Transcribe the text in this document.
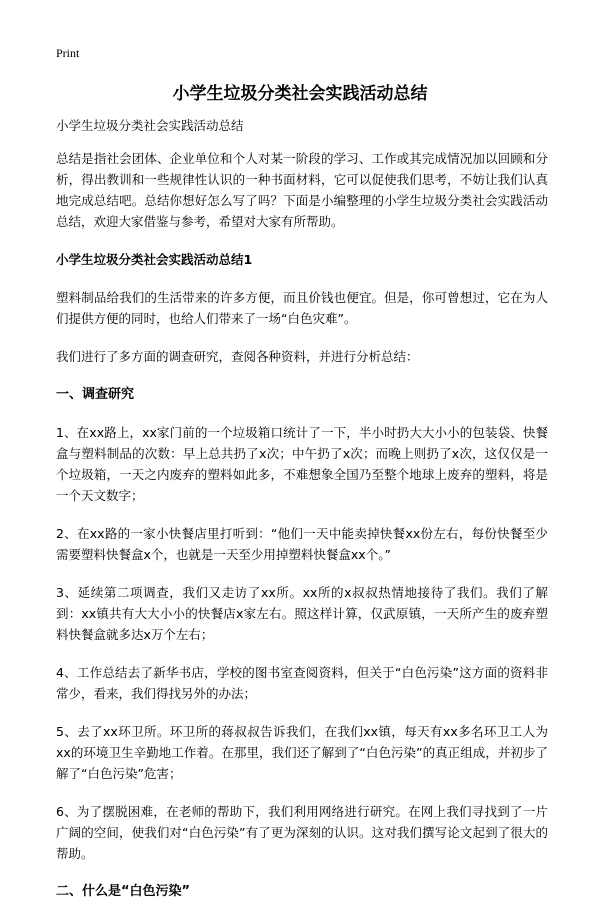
Print
小学生垃圾分类社会实践活动总结

小学生垃圾分类社会实践活动总结

总结是指社会团体、企业单位和个人对某一阶段的学习、工作或其完成情况加以回顾和分析，得出教训和一些规律性认识的一种书面材料，它可以促使我们思考，不妨让我们认真地完成总结吧。总结你想好怎么写了吗？下面是小编整理的小学生垃圾分类社会实践活动总结，欢迎大家借鉴与参考，希望对大家有所帮助。

小学生垃圾分类社会实践活动总结1

塑料制品给我们的生活带来的许多方便，而且价钱也便宜。但是，你可曾想过，它在为人们提供方便的同时，也给人们带来了一场“白色灾难”。

我们进行了多方面的调查研究，查阅各种资料，并进行分析总结：

一、调查研究

1、在xx路上，xx家门前的一个垃圾箱口统计了一下，半小时扔大大小小的包装袋、快餐盒与塑料制品的次数：早上总共扔了x次；中午扔了x次；而晚上则扔了x次，这仅仅是一个垃圾箱，一天之内废弃的塑料如此多，不难想象全国乃至整个地球上废弃的塑料，将是一个天文数字；

2、在xx路的一家小快餐店里打听到：“他们一天中能卖掉快餐xx份左右，每份快餐至少需要塑料快餐盒x个，也就是一天至少用掉塑料快餐盒xx个。”

3、延续第二项调查，我们又走访了xx所。xx所的x叔叔热情地接待了我们。我们了解到：xx镇共有大大小小的快餐店x家左右。照这样计算，仅武原镇，一天所产生的废弃塑料快餐盒就多达x万个左右；

4、工作总结去了新华书店，学校的图书室查阅资料，但关于“白色污染”这方面的资料非常少，看来，我们得找另外的办法；

5、去了xx环卫所。环卫所的蒋叔叔告诉我们，在我们xx镇，每天有xx多名环卫工人为xx的环境卫生辛勤地工作着。在那里，我们还了解到了“白色污染”的真正组成，并初步了解了“白色污染”危害；

6、为了摆脱困难，在老师的帮助下，我们利用网络进行研究。在网上我们寻找到了一片广阔的空间，使我们对“白色污染”有了更为深刻的认识。这对我们撰写论文起到了很大的帮助。

二、什么是“白色污染”
